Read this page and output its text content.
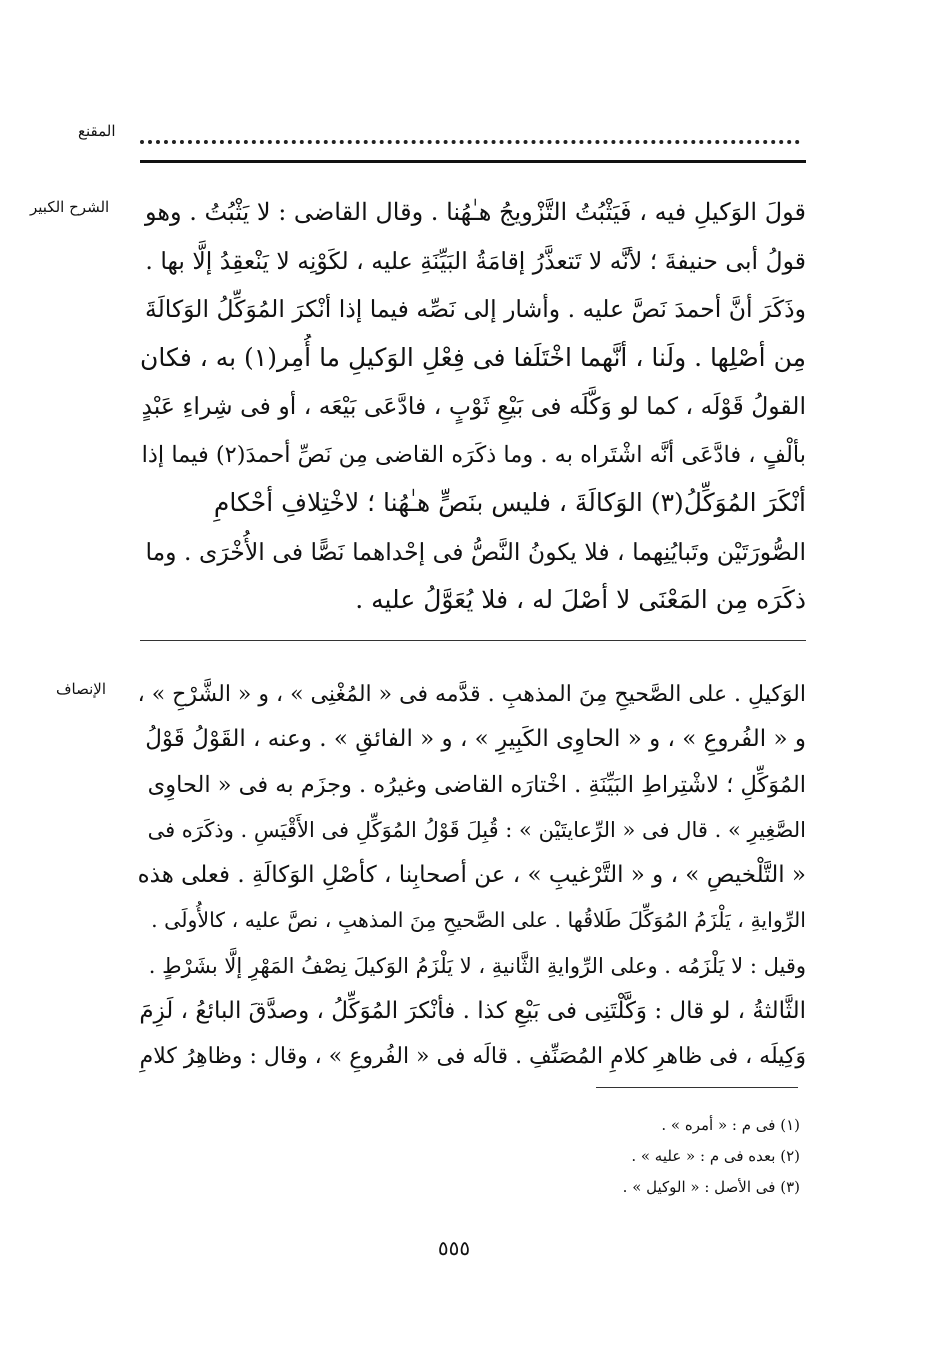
المقنع
الشرح الكبير قولَ الوَكيلِ فيه ، فَيَثْبُتُ التَّزْويجُ هـٰهُنا . وقال القاضى : لا يَثْبُتُ . وهو
قولُ أبى حنيفةَ ؛ لأنَّه لا تَتعذَّرُ إقامَةُ البَيِّنَةِ عليه ، لكَوْنِه لا يَنْعقِدُ إلَّا بها .
وذَكَرَ أنَّ أحمدَ نَصَّ عليه . وأشار إلى نَصِّه فيما إذا أنْكرَ المُوَكِّلُ الوَكالَةَ
مِن أصْلِها . ولَنا ، أنَّهما اخْتَلَفا فى فِعْلِ الوَكيلِ ما أُمِر(١) به ، فكان
القولُ قَوْلَه ، كما لو وَكَّلَه فى بَيْعِ ثَوْبٍ ، فادَّعَى بَيْعَه ، أو فى شِراءِ عَبْدٍ
بألْفٍ ، فادَّعَى أنَّه اشْتَراه به . وما ذكَرَه القاضى مِن نَصِّ أحمدَ(٢) فيما إذا
أنْكَرَ المُوَكِّلُ(٣) الوَكالَةَ ، فليس بنَصٍّ هـٰهُنا ؛ لاخْتِلافِ أحْكامِ
الصُّورَتَيْن وتَبايُنِهما ، فلا يكونُ النَّصُّ فى إحْداهما نَصًّا فى الأُخْرَى . وما
ذكَرَه مِن المَعْنَى لا أصْلَ له ، فلا يُعَوَّلُ عليه .
الإنصاف الوَكيلِ . على الصَّحيحِ مِنَ المذهبِ . قدَّمه فى « المُغْنِى » ، و « الشَّرْحِ » ،
و « الفُروعِ » ، و « الحاوِى الكَبِيرِ » ، و « الفائقِ » . وعنه ، القَوْلُ قَوْلُ
المُوَكِّلِ ؛ لاشْتِراطِ البَيِّنَةِ . اخْتارَه القاضى وغيرُه . وجزَم به فى « الحاوِى
الصَّغِيرِ » . قال فى « الرِّعايتَيْن » : قُبِلَ قَوْلُ المُوَكِّلِ فى الأَقْيَسِ . وذكَرَه فى
« التَّلْخيصِ » ، و « التَّرْغيبِ » ، عن أصحابِنا ، كأصْلِ الوَكالَةِ . فعلى هذه
الرِّوايةِ ، يَلْزَمُ المُوَكِّلَ طَلاقُها . على الصَّحيحِ مِنَ المذهبِ ، نصَّ عليه ، كالأُولَى .
وقيل : لا يَلْزَمُه . وعلى الرِّوايةِ الثَّانيةِ ، لا يَلْزَمُ الوَكيلَ نِصْفُ المَهْرِ إلَّا بشَرْطٍ .
الثَّالثةُ ، لو قال : وَكَّلْتَنِى فى بَيْعِ كذا . فأنْكرَ المُوَكِّلُ ، وصدَّقَ البائعُ ، لَزِمَ
وَكِيلَه ، فى ظاهرِ كلامِ المُصَنِّفِ . قالَه فى « الفُروعِ » ، وقال : وظاهِرُ كلامِ
(١) فى م : « أمره » .
(٢) بعده فى م : « عليه » .
(٣) فى الأصل : « الوكيل » .
٥٥٥
